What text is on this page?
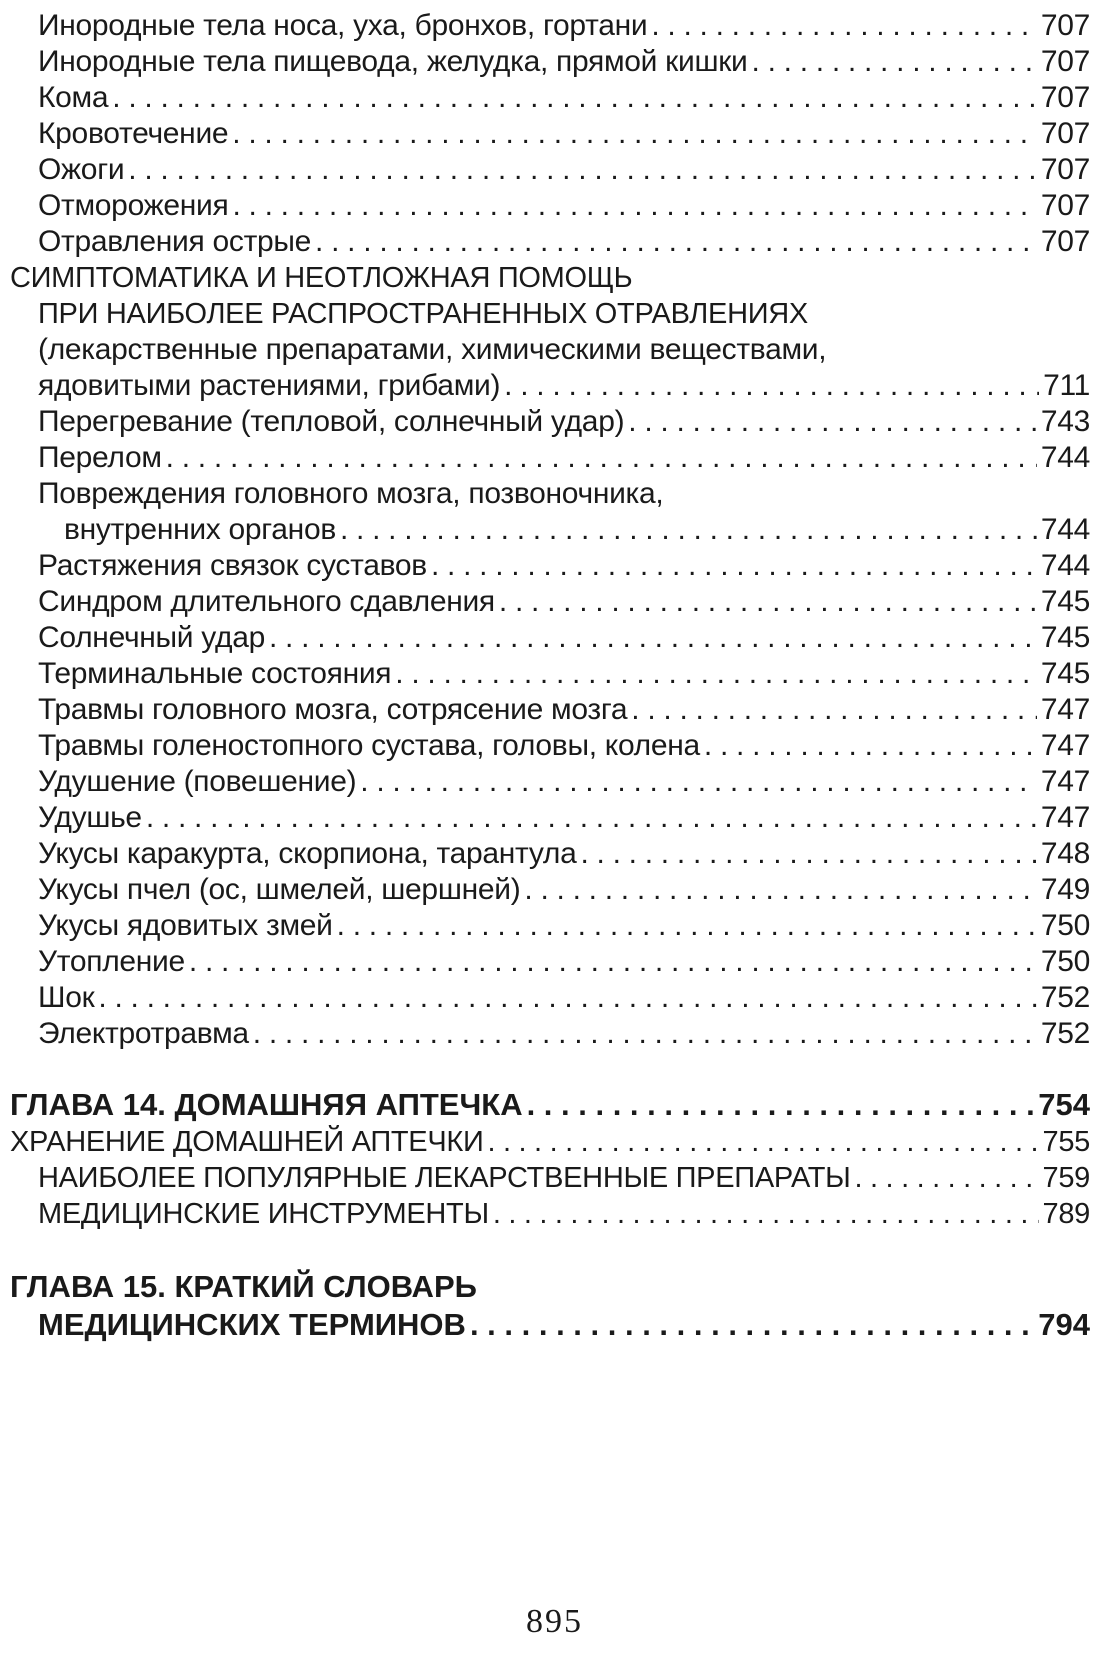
Инородные тела носа, уха, бронхов, гортани . . .	707
Инородные тела пищевода, желудка, прямой кишки . . .	707
Кома . . .	707
Кровотечение . . .	707
Ожоги . . .	707
Отморожения . . .	707
Отравления острые . . .	707
СИМПТОМАТИКА И НЕОТЛОЖНАЯ ПОМОЩЬ
ПРИ НАИБОЛЕЕ РАСПРОСТРАНЕННЫХ ОТРАВЛЕНИЯХ
(лекарственные препаратами, химическими веществами,
ядовитыми растениями, грибами) . . .	711
Перегревание (тепловой, солнечный удар) . . .	743
Перелом . . .	744
Повреждения головного мозга, позвоночника,
внутренних органов . . .	744
Растяжения связок суставов . . .	744
Синдром длительного сдавления . . .	745
Солнечный удар . . .	745
Терминальные состояния . . .	745
Травмы головного мозга, сотрясение мозга . . .	747
Травмы голеностопного сустава, головы, колена . . .	747
Удушение (повешение) . . .	747
Удушье . . .	747
Укусы каракурта, скорпиона, тарантула . . .	748
Укусы пчел (ос, шмелей, шершней) . . .	749
Укусы ядовитых змей . . .	750
Утопление . . .	750
Шок . . .	752
Электротравма . . .	752
ГЛАВА 14. ДОМАШНЯЯ АПТЕЧКА . . .	754
ХРАНЕНИЕ ДОМАШНЕЙ АПТЕЧКИ . . .	755
НАИБОЛЕЕ ПОПУЛЯРНЫЕ ЛЕКАРСТВЕННЫЕ ПРЕПАРАТЫ . . .	759
МЕДИЦИНСКИЕ ИНСТРУМЕНТЫ . . .	789
ГЛАВА 15. КРАТКИЙ СЛОВАРЬ
МЕДИЦИНСКИХ ТЕРМИНОВ . . .	794
895
